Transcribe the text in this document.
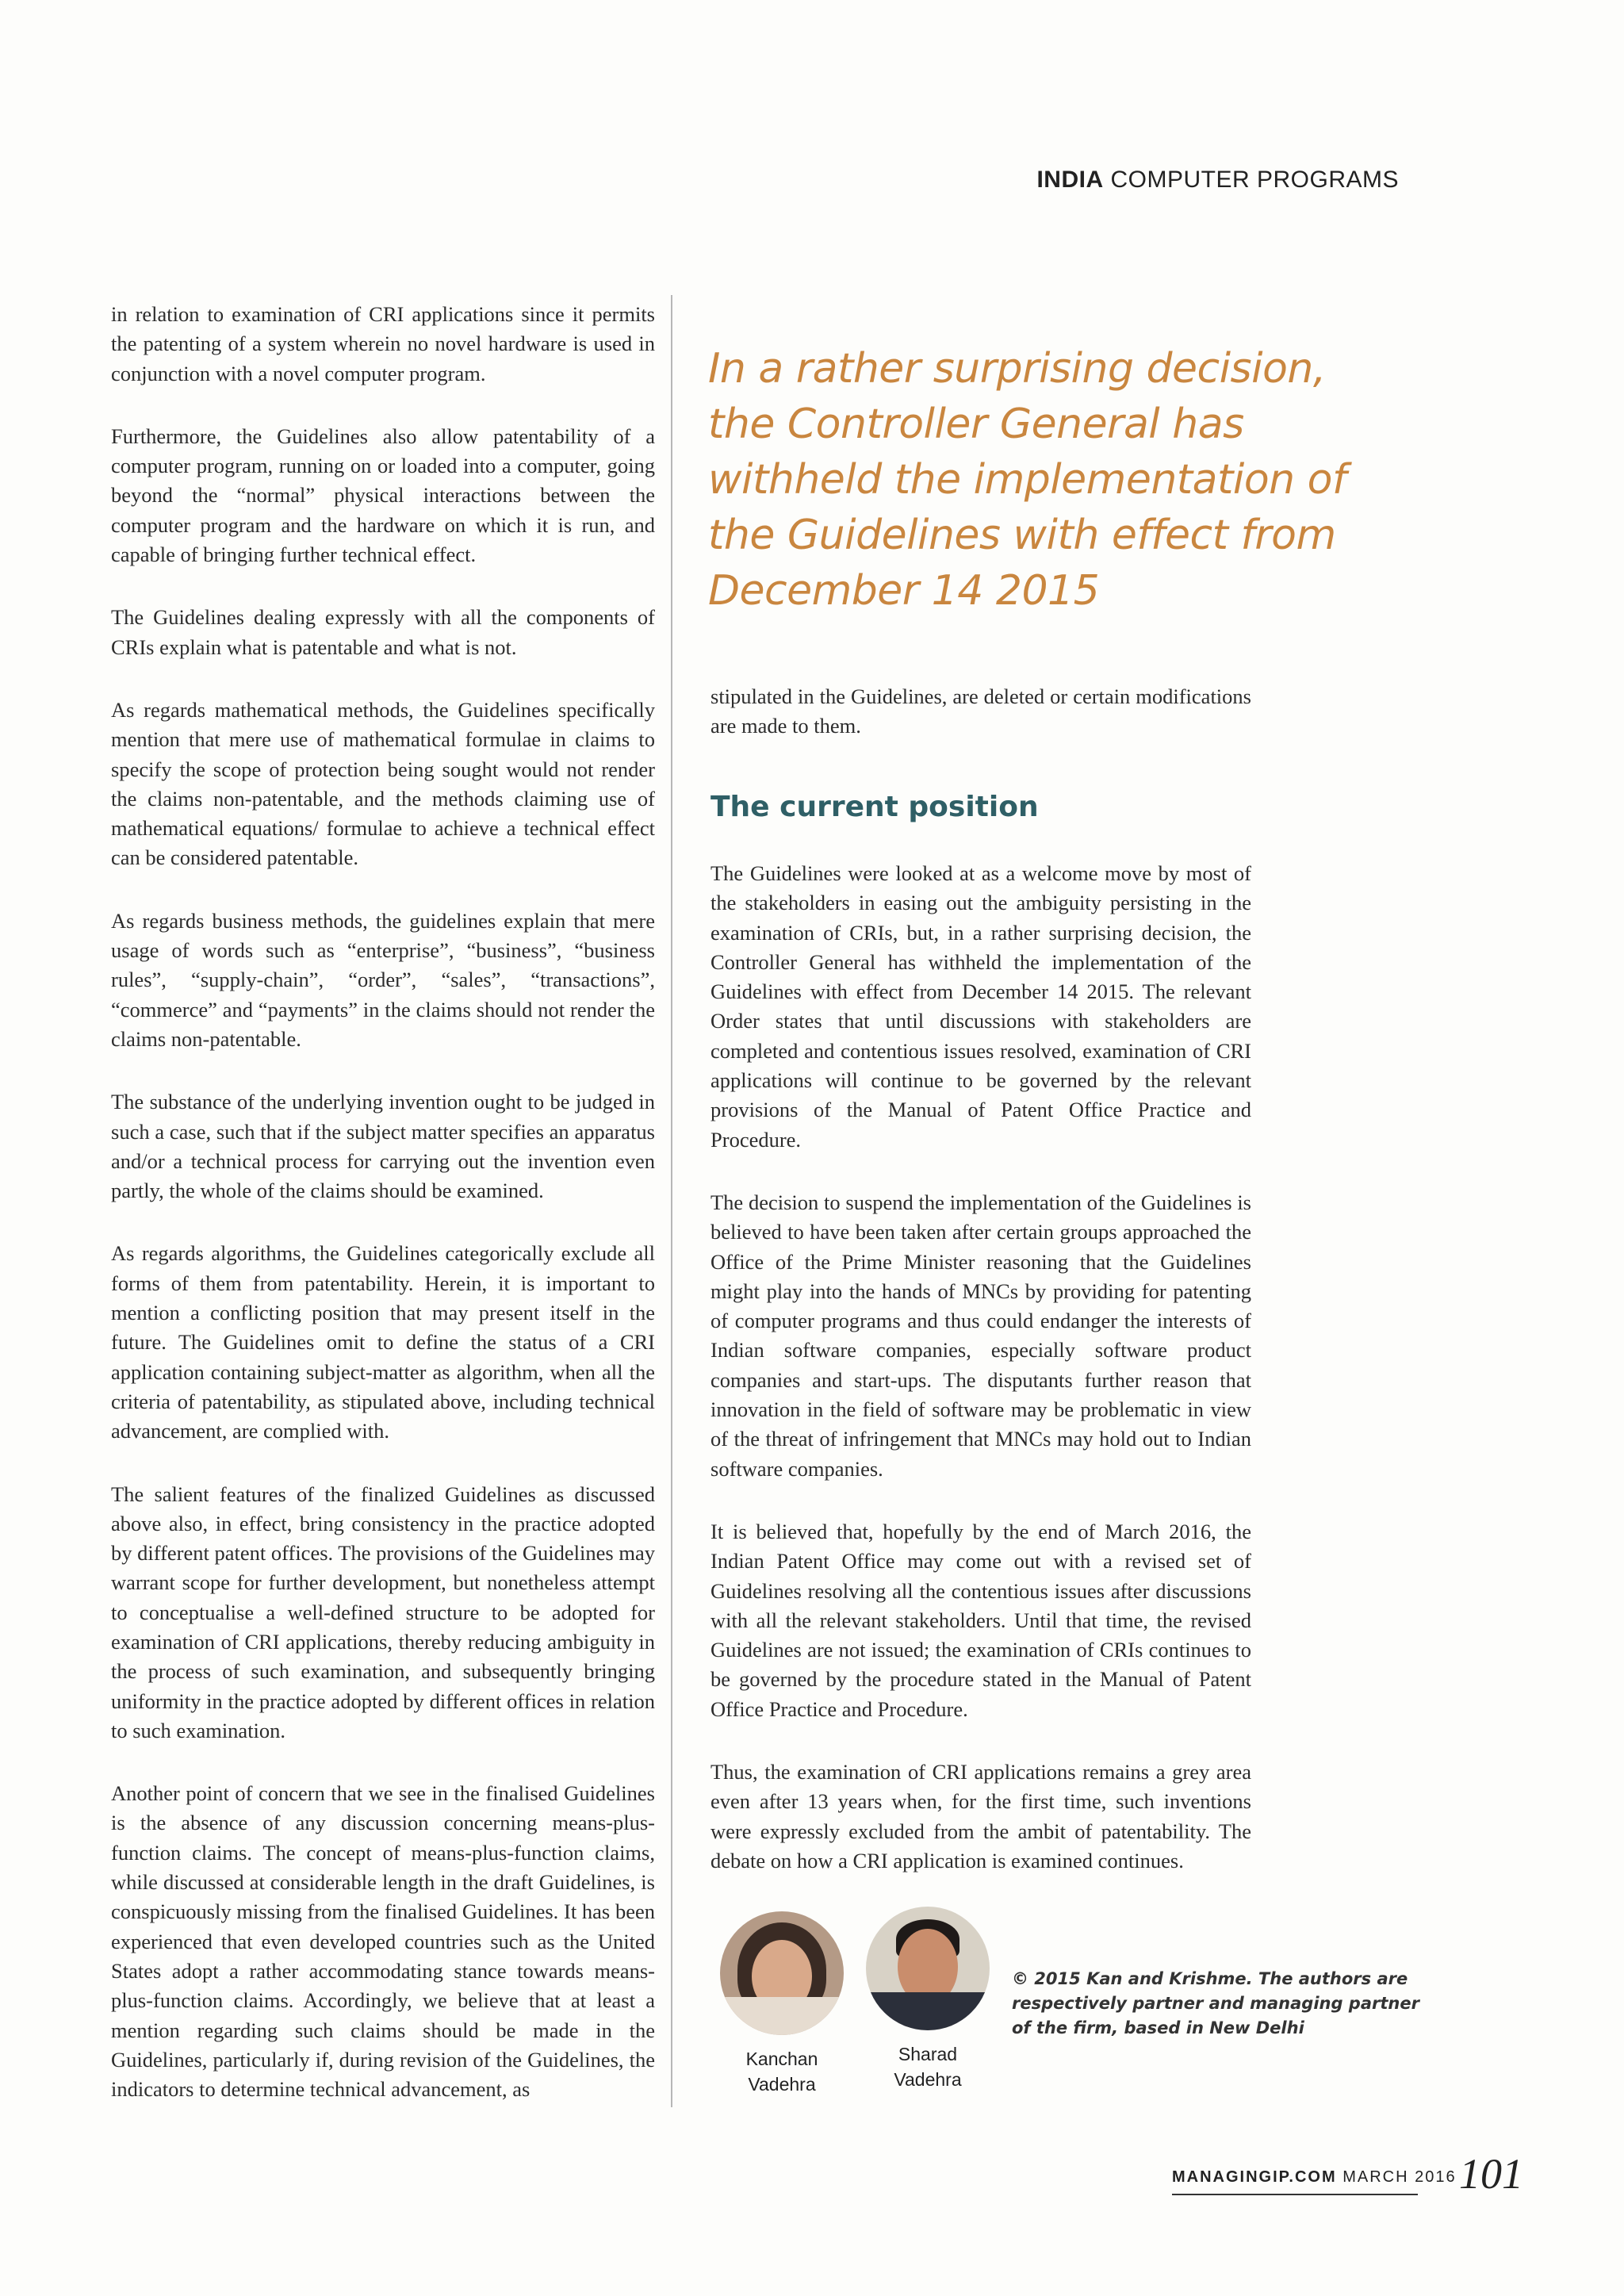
INDIA COMPUTER PROGRAMS

in relation to examination of CRI applications since it permits the patenting of a system wherein no novel hardware is used in conjunction with a novel computer program.

Furthermore, the Guidelines also allow patentability of a computer program, running on or loaded into a computer, going beyond the “normal” physical interactions between the computer program and the hardware on which it is run, and capable of bringing further technical effect.

The Guidelines dealing expressly with all the components of CRIs explain what is patentable and what is not.

As regards mathematical methods, the Guidelines specifically mention that mere use of mathematical formulae in claims to specify the scope of protection being sought would not render the claims non-patentable, and the methods claiming use of mathematical equations/ formulae to achieve a technical effect can be considered patentable.

As regards business methods, the guidelines explain that mere usage of words such as “enterprise”, “business”, “business rules”, “supply-chain”, “order”, “sales”, “transactions”, “commerce” and “payments” in the claims should not render the claims non-patentable.

The substance of the underlying invention ought to be judged in such a case, such that if the subject matter specifies an apparatus and/or a technical process for carrying out the invention even partly, the whole of the claims should be examined.

As regards algorithms, the Guidelines categorically exclude all forms of them from patentability. Herein, it is important to mention a conflicting position that may present itself in the future. The Guidelines omit to define the status of a CRI application containing subject-matter as algorithm, when all the criteria of patentability, as stipulated above, including technical advancement, are complied with.

The salient features of the finalized Guidelines as discussed above also, in effect, bring consistency in the practice adopted by different patent offices. The provisions of the Guidelines may warrant scope for further development, but nonetheless attempt to conceptualise a well-defined structure to be adopted for examination of CRI applications, thereby reducing ambiguity in the process of such examination, and subsequently bringing uniformity in the practice adopted by different offices in relation to such examination.

Another point of concern that we see in the finalised Guidelines is the absence of any discussion concerning means-plus-function claims. The concept of means-plus-function claims, while discussed at considerable length in the draft Guidelines, is conspicuously missing from the finalised Guidelines. It has been experienced that even developed countries such as the United States adopt a rather accommodating stance towards means-plus-function claims. Accordingly, we believe that at least a mention regarding such claims should be made in the Guidelines, particularly if, during revision of the Guidelines, the indicators to determine technical advancement, as

In a rather surprising decision, the Controller General has withheld the implementation of the Guidelines with effect from December 14 2015

stipulated in the Guidelines, are deleted or certain modifications are made to them.

The current position

The Guidelines were looked at as a welcome move by most of the stakeholders in easing out the ambiguity persisting in the examination of CRIs, but, in a rather surprising decision, the Controller General has withheld the implementation of the Guidelines with effect from December 14 2015. The relevant Order states that until discussions with stakeholders are completed and contentious issues resolved, examination of CRI applications will continue to be governed by the relevant provisions of the Manual of Patent Office Practice and Procedure.

The decision to suspend the implementation of the Guidelines is believed to have been taken after certain groups approached the Office of the Prime Minister reasoning that the Guidelines might play into the hands of MNCs by providing for patenting of computer programs and thus could endanger the interests of Indian software companies, especially software product companies and start-ups. The disputants further reason that innovation in the field of software may be problematic in view of the threat of infringement that MNCs may hold out to Indian software companies.

It is believed that, hopefully by the end of March 2016, the Indian Patent Office may come out with a revised set of Guidelines resolving all the contentious issues after discussions with all the relevant stakeholders. Until that time, the revised Guidelines are not issued; the examination of CRIs continues to be governed by the procedure stated in the Manual of Patent Office Practice and Procedure.

Thus, the examination of CRI applications remains a grey area even after 13 years when, for the first time, such inventions were expressly excluded from the ambit of patentability. The debate on how a CRI application is examined continues.

Kanchan
Vadehra
Sharad
Vadehra
© 2015 Kan and Krishme. The authors are respectively partner and managing partner of the firm, based in New Delhi
MANAGINGIP.COM MARCH 2016 101
